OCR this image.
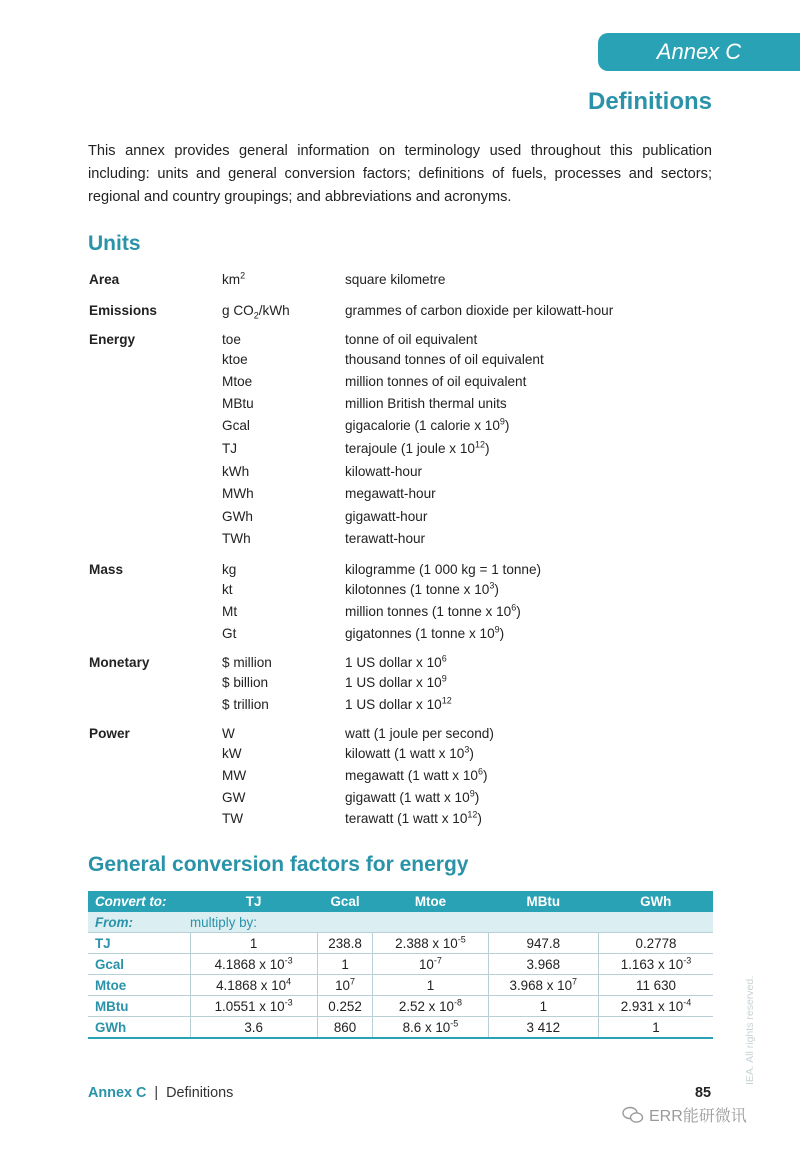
Annex C
Definitions
This annex provides general information on terminology used throughout this publication including: units and general conversion factors; definitions of fuels, processes and sectors; regional and country groupings; and abbreviations and acronyms.
Units
Area	$km^2$	square kilometre
Emissions	g $CO_2$/kWh	grammes of carbon dioxide per kilowatt-hour
Energy	toe	tonne of oil equivalent
ktoe	thousand tonnes of oil equivalent
Mtoe	million tonnes of oil equivalent
MBtu	million British thermal units
Gcal	gigacalorie (1 calorie x $10^9$)
TJ	terajoule (1 joule x $10^{12}$)
kWh	kilowatt-hour
MWh	megawatt-hour
GWh	gigawatt-hour
TWh	terawatt-hour
Mass	kg	kilogramme (1 000 kg = 1 tonne)
kt	kilotonnes (1 tonne x $10^3$)
Mt	million tonnes (1 tonne x $10^6$)
Gt	gigatonnes (1 tonne x $10^9$)
Monetary	$ million	1 US dollar x $10^6$
$ billion	1 US dollar x $10^9$
$ trillion	1 US dollar x $10^{12}$
Power	W	watt (1 joule per second)
kW	kilowatt (1 watt x $10^3$)
MW	megawatt (1 watt x $10^6$)
GW	gigawatt (1 watt x $10^9$)
TW	terawatt (1 watt x $10^{12}$)
General conversion factors for energy
Convert to:	TJ	Gcal	Mtoe	MBtu	GWh
From:	multiply by:				
TJ	1	238.8	2.388 x $10^{-5}$	947.8	0.2778
Gcal	4.1868 x $10^{-3}$	1	$10^{-7}$	3.968	1.163 x $10^{-3}$
Mtoe	4.1868 x $10^4$	$10^7$	1	3.968 x $10^7$	11 630
MBtu	1.0551 x $10^{-3}$	0.252	2.52 x $10^{-8}$	1	2.931 x $10^{-4}$
GWh	3.6	860	8.6 x $10^{-5}$	3 412	1
Annex C | Definitions	85
IEA. All rights reserved.
ERR能研微讯
